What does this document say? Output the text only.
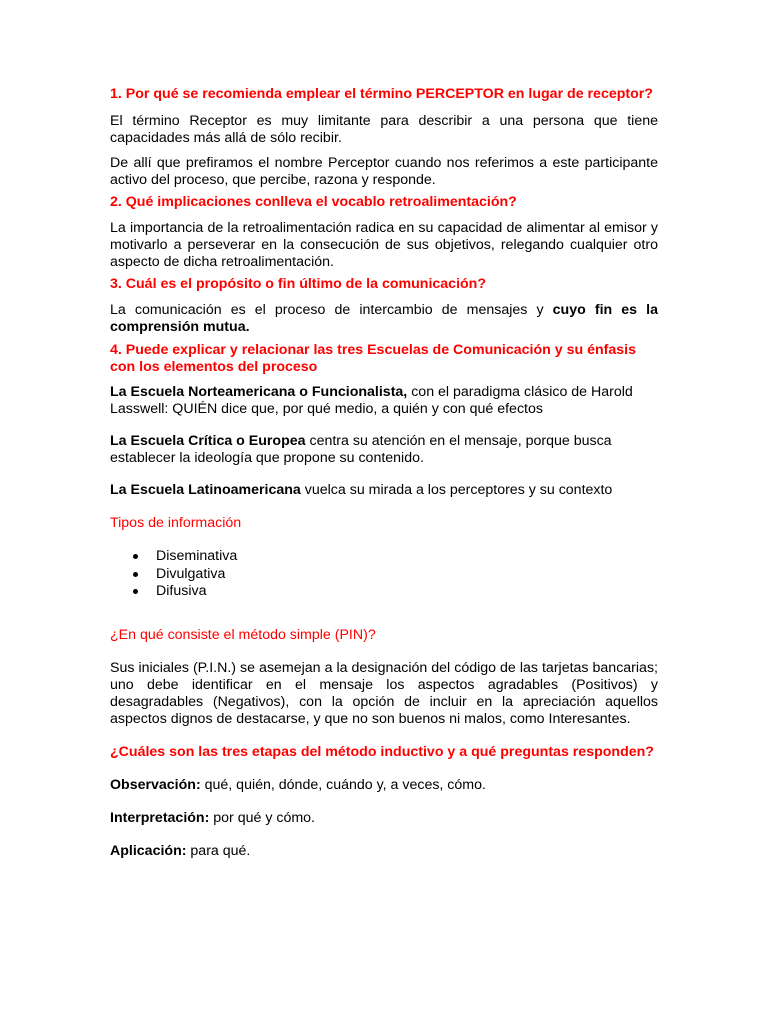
1. Por qué se recomienda emplear el término PERCEPTOR en lugar de receptor?

El término Receptor es muy limitante para describir a una persona que tiene capacidades más allá de sólo recibir.

De allí que prefiramos el nombre Perceptor cuando nos referimos a este participante activo del proceso, que percibe, razona y responde.

2. Qué implicaciones conlleva el vocablo retroalimentación?

La importancia de la retroalimentación radica en su capacidad de alimentar al emisor y motivarlo a perseverar en la consecución de sus objetivos, relegando cualquier otro aspecto de dicha retroalimentación.

3. Cuál es el propósito o fin último de la comunicación?

La comunicación es el proceso de intercambio de mensajes y cuyo fin es la comprensión mutua.

4. Puede explicar y relacionar las tres Escuelas de Comunicación y su énfasis con los elementos del proceso

La Escuela Norteamericana o Funcionalista, con el paradigma clásico de Harold Lasswell: QUIÉN dice que, por qué medio, a quién y con qué efectos

La Escuela Crítica o Europea centra su atención en el mensaje, porque busca establecer la ideología que propone su contenido.

La Escuela Latinoamericana vuelca su mirada a los perceptores y su contexto

Tipos de información

Diseminativa
Divulgativa
Difusiva

¿En qué consiste el método simple (PIN)?

Sus iniciales (P.I.N.) se asemejan a la designación del código de las tarjetas bancarias; uno debe identificar en el mensaje los aspectos agradables (Positivos) y desagradables (Negativos), con la opción de incluir en la apreciación aquellos aspectos dignos de destacarse, y que no son buenos ni malos, como Interesantes.

¿Cuáles son las tres etapas del método inductivo y a qué preguntas responden?

Observación: qué, quién, dónde, cuándo y, a veces, cómo.

Interpretación: por qué y cómo.

Aplicación: para qué.
